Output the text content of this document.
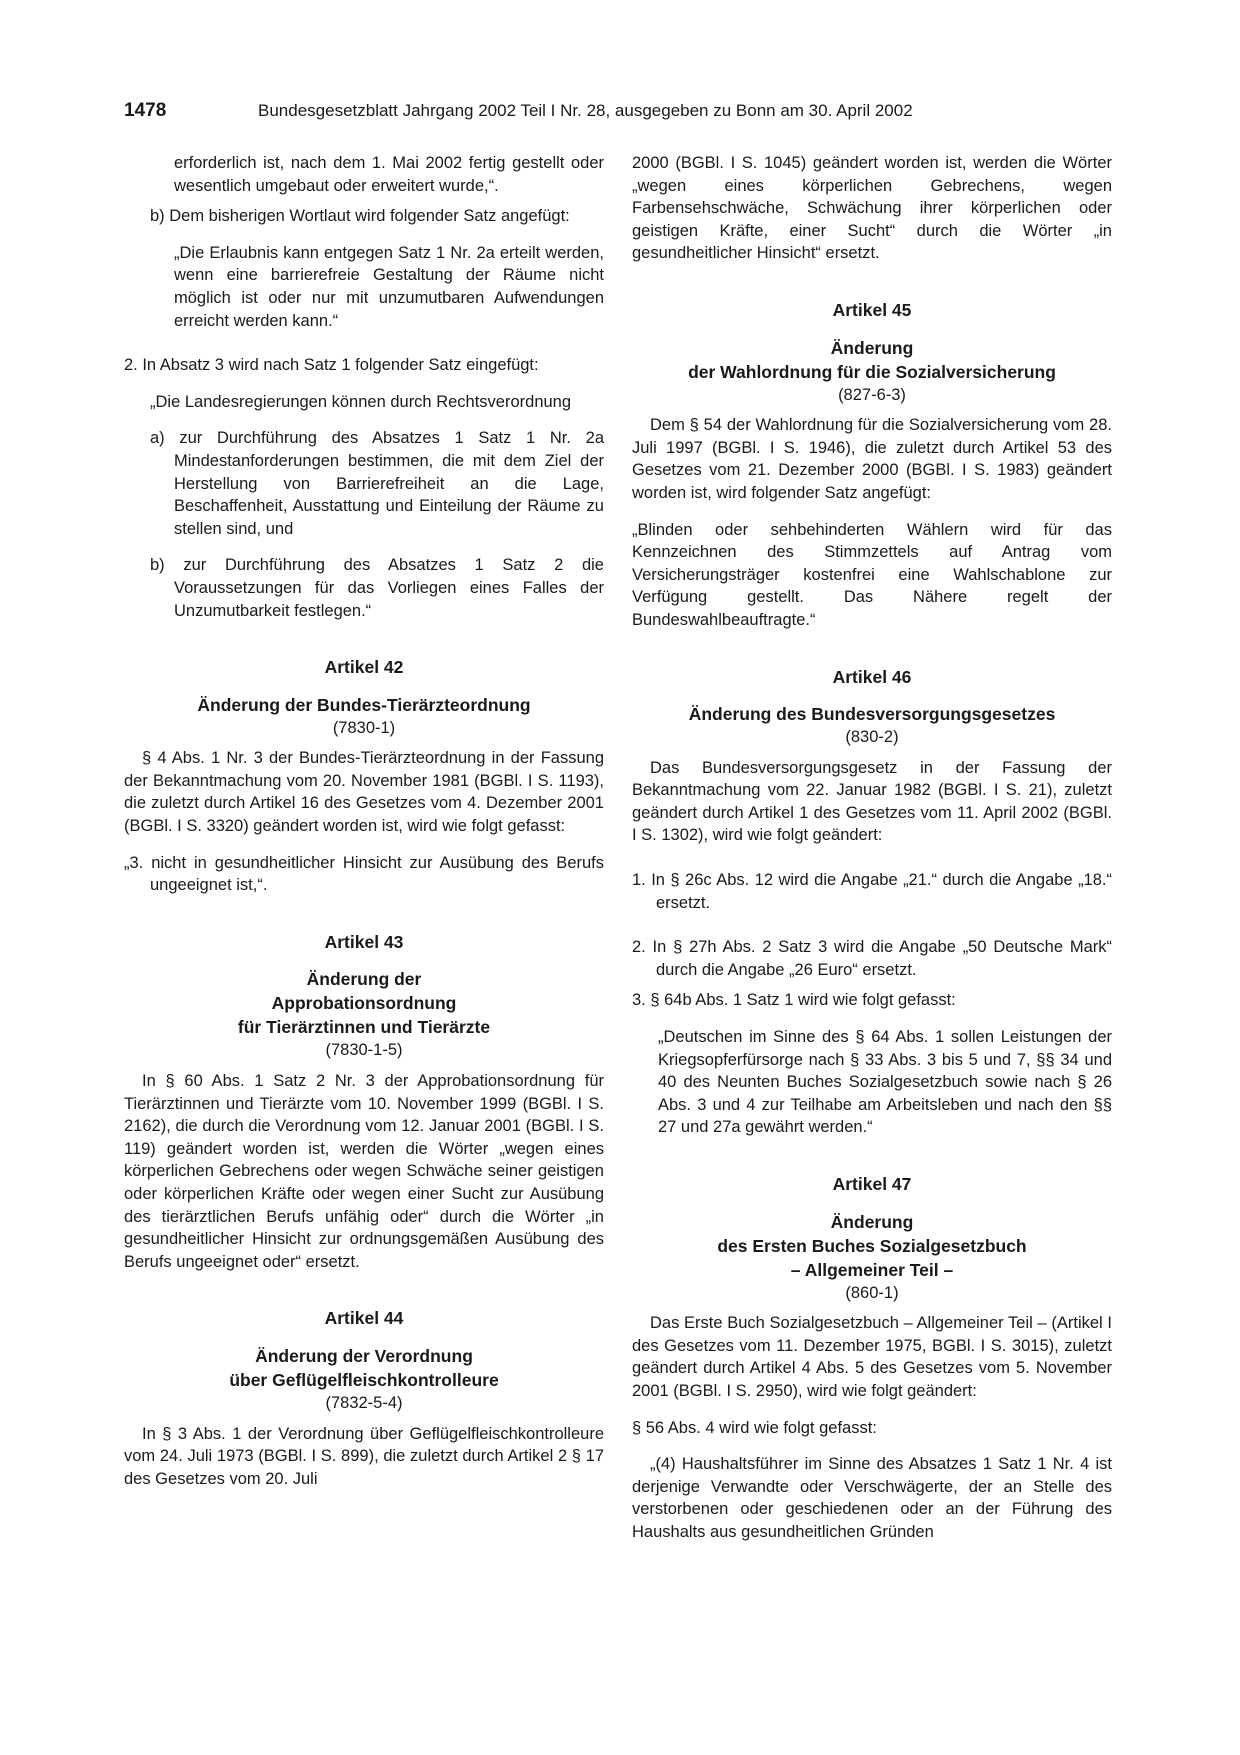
1478	Bundesgesetzblatt Jahrgang 2002 Teil I Nr. 28, ausgegeben zu Bonn am 30. April 2002

erforderlich ist, nach dem 1. Mai 2002 fertig gestellt oder wesentlich umgebaut oder erweitert wurde,“.

b) Dem bisherigen Wortlaut wird folgender Satz angefügt:

„Die Erlaubnis kann entgegen Satz 1 Nr. 2a erteilt werden, wenn eine barrierefreie Gestaltung der Räume nicht möglich ist oder nur mit unzumutbaren Aufwendungen erreicht werden kann.“

2. In Absatz 3 wird nach Satz 1 folgender Satz eingefügt:

„Die Landesregierungen können durch Rechtsverordnung

a) zur Durchführung des Absatzes 1 Satz 1 Nr. 2a Mindestanforderungen bestimmen, die mit dem Ziel der Herstellung von Barrierefreiheit an die Lage, Beschaffenheit, Ausstattung und Einteilung der Räume zu stellen sind, und

b) zur Durchführung des Absatzes 1 Satz 2 die Voraussetzungen für das Vorliegen eines Falles der Unzumutbarkeit festlegen.“

Artikel 42

Änderung der Bundes-Tierärzteordnung

(7830-1)

§ 4 Abs. 1 Nr. 3 der Bundes-Tierärzteordnung in der Fassung der Bekanntmachung vom 20. November 1981 (BGBl. I S. 1193), die zuletzt durch Artikel 16 des Gesetzes vom 4. Dezember 2001 (BGBl. I S. 3320) geändert worden ist, wird wie folgt gefasst:

„3. nicht in gesundheitlicher Hinsicht zur Ausübung des Berufs ungeeignet ist,“.

Artikel 43

Änderung der

Approbationsordnung

für Tierärztinnen und Tierärzte

(7830-1-5)

In § 60 Abs. 1 Satz 2 Nr. 3 der Approbationsordnung für Tierärztinnen und Tierärzte vom 10. November 1999 (BGBl. I S. 2162), die durch die Verordnung vom 12. Januar 2001 (BGBl. I S. 119) geändert worden ist, werden die Wörter „wegen eines körperlichen Gebrechens oder wegen Schwäche seiner geistigen oder körperlichen Kräfte oder wegen einer Sucht zur Ausübung des tierärztlichen Berufs unfähig oder“ durch die Wörter „in gesundheitlicher Hinsicht zur ordnungsgemäßen Ausübung des Berufs ungeeignet oder“ ersetzt.

Artikel 44

Änderung der Verordnung

über Geflügelfleischkontrolleure

(7832-5-4)

In § 3 Abs. 1 der Verordnung über Geflügelfleischkontrolleure vom 24. Juli 1973 (BGBl. I S. 899), die zuletzt durch Artikel 2 § 17 des Gesetzes vom 20. Juli

2000 (BGBl. I S. 1045) geändert worden ist, werden die Wörter „wegen eines körperlichen Gebrechens, wegen Farbensehschwäche, Schwächung ihrer körperlichen oder geistigen Kräfte, einer Sucht“ durch die Wörter „in gesundheitlicher Hinsicht“ ersetzt.

Artikel 45

Änderung

der Wahlordnung für die Sozialversicherung

(827-6-3)

Dem § 54 der Wahlordnung für die Sozialversicherung vom 28. Juli 1997 (BGBl. I S. 1946), die zuletzt durch Artikel 53 des Gesetzes vom 21. Dezember 2000 (BGBl. I S. 1983) geändert worden ist, wird folgender Satz angefügt:

„Blinden oder sehbehinderten Wählern wird für das Kennzeichnen des Stimmzettels auf Antrag vom Versicherungsträger kostenfrei eine Wahlschablone zur Verfügung gestellt. Das Nähere regelt der Bundeswahlbeauftragte.“

Artikel 46

Änderung des Bundesversorgungsgesetzes

(830-2)

Das Bundesversorgungsgesetz in der Fassung der Bekanntmachung vom 22. Januar 1982 (BGBl. I S. 21), zuletzt geändert durch Artikel 1 des Gesetzes vom 11. April 2002 (BGBl. I S. 1302), wird wie folgt geändert:

1. In § 26c Abs. 12 wird die Angabe „21.“ durch die Angabe „18.“ ersetzt.

2. In § 27h Abs. 2 Satz 3 wird die Angabe „50 Deutsche Mark“ durch die Angabe „26 Euro“ ersetzt.

3. § 64b Abs. 1 Satz 1 wird wie folgt gefasst:

„Deutschen im Sinne des § 64 Abs. 1 sollen Leistungen der Kriegsopferfürsorge nach § 33 Abs. 3 bis 5 und 7, §§ 34 und 40 des Neunten Buches Sozialgesetzbuch sowie nach § 26 Abs. 3 und 4 zur Teilhabe am Arbeitsleben und nach den §§ 27 und 27a gewährt werden.“

Artikel 47

Änderung

des Ersten Buches Sozialgesetzbuch

– Allgemeiner Teil –

(860-1)

Das Erste Buch Sozialgesetzbuch – Allgemeiner Teil – (Artikel I des Gesetzes vom 11. Dezember 1975, BGBl. I S. 3015), zuletzt geändert durch Artikel 4 Abs. 5 des Gesetzes vom 5. November 2001 (BGBl. I S. 2950), wird wie folgt geändert:

§ 56 Abs. 4 wird wie folgt gefasst:

„(4) Haushaltsführer im Sinne des Absatzes 1 Satz 1 Nr. 4 ist derjenige Verwandte oder Verschwägerte, der an Stelle des verstorbenen oder geschiedenen oder an der Führung des Haushalts aus gesundheitlichen Gründen
